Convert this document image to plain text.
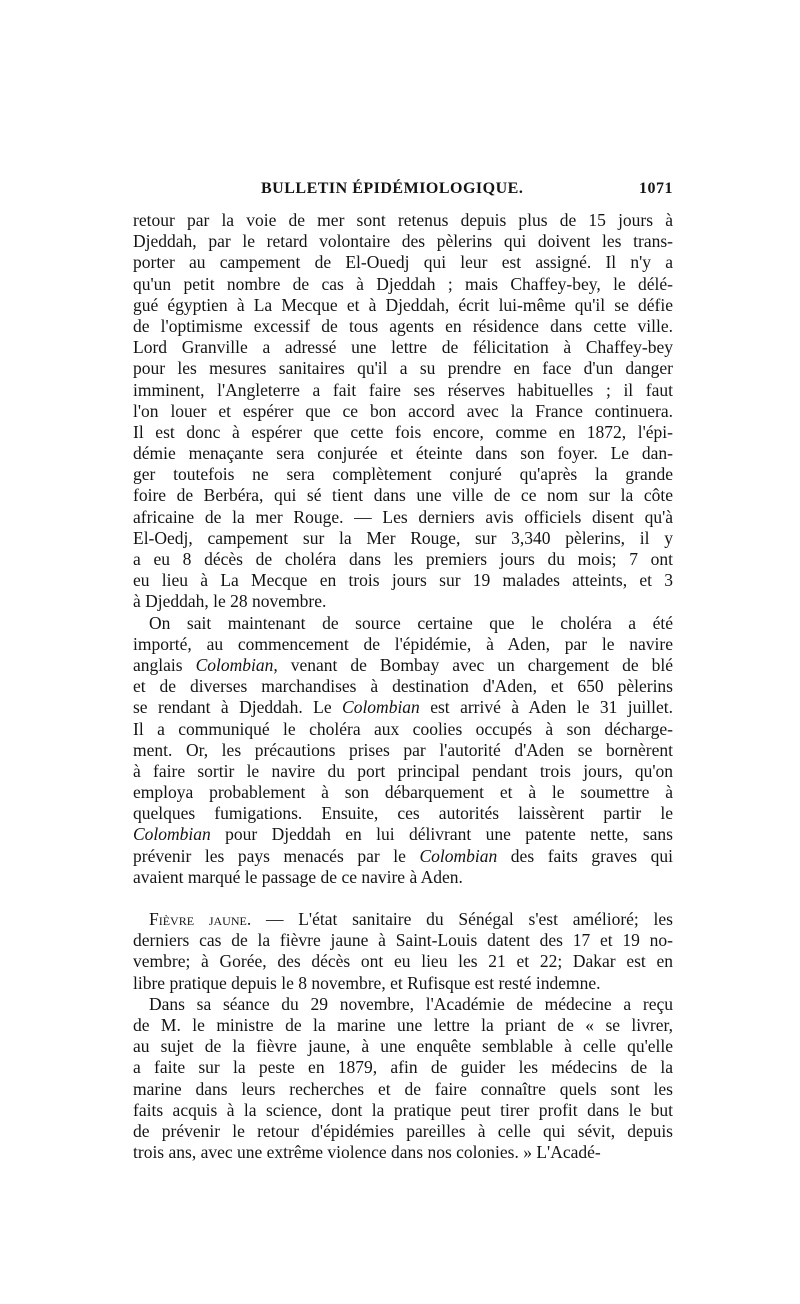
BULLETIN ÉPIDÉMIOLOGIQUE.	1071
retour par la voie de mer sont retenus depuis plus de 15 jours à
Djeddah, par le retard volontaire des pèlerins qui doivent les trans-
porter au campement de El-Ouedj qui leur est assigné. Il n'y a
qu'un petit nombre de cas à Djeddah ; mais Chaffey-bey, le délé-
gué égyptien à La Mecque et à Djeddah, écrit lui-même qu'il se défie
de l'optimisme excessif de tous agents en résidence dans cette ville.
Lord Granville a adressé une lettre de félicitation à Chaffey-bey
pour les mesures sanitaires qu'il a su prendre en face d'un danger
imminent, l'Angleterre a fait faire ses réserves habituelles ; il faut
l'on louer et espérer que ce bon accord avec la France continuera.
Il est donc à espérer que cette fois encore, comme en 1872, l'épi-
démie menaçante sera conjurée et éteinte dans son foyer. Le dan-
ger toutefois ne sera complètement conjuré qu'après la grande
foire de Berbéra, qui sé tient dans une ville de ce nom sur la côte
africaine de la mer Rouge. — Les derniers avis officiels disent qu'à
El-Oedj, campement sur la Mer Rouge, sur 3,340 pèlerins, il y
a eu 8 décès de choléra dans les premiers jours du mois; 7 ont
eu lieu à La Mecque en trois jours sur 19 malades atteints, et 3
à Djeddah, le 28 novembre.
On sait maintenant de source certaine que le choléra a été
importé, au commencement de l'épidémie, à Aden, par le navire
anglais Colombian, venant de Bombay avec un chargement de blé
et de diverses marchandises à destination d'Aden, et 650 pèlerins
se rendant à Djeddah. Le Colombian est arrivé à Aden le 31 juillet.
Il a communiqué le choléra aux coolies occupés à son décharge-
ment. Or, les précautions prises par l'autorité d'Aden se bornèrent
à faire sortir le navire du port principal pendant trois jours, qu'on
employa probablement à son débarquement et à le soumettre à
quelques fumigations. Ensuite, ces autorités laissèrent partir le
Colombian pour Djeddah en lui délivrant une patente nette, sans
prévenir les pays menacés par le Colombian des faits graves qui
avaient marqué le passage de ce navire à Aden.
Fièvre jaune. — L'état sanitaire du Sénégal s'est amélioré; les
derniers cas de la fièvre jaune à Saint-Louis datent des 17 et 19 no-
vembre; à Gorée, des décès ont eu lieu les 21 et 22; Dakar est en
libre pratique depuis le 8 novembre, et Rufisque est resté indemne.
Dans sa séance du 29 novembre, l'Académie de médecine a reçu
de M. le ministre de la marine une lettre la priant de « se livrer,
au sujet de la fièvre jaune, à une enquête semblable à celle qu'elle
a faite sur la peste en 1879, afin de guider les médecins de la
marine dans leurs recherches et de faire connaître quels sont les
faits acquis à la science, dont la pratique peut tirer profit dans le but
de prévenir le retour d'épidémies pareilles à celle qui sévit, depuis
trois ans, avec une extrême violence dans nos colonies. » L'Acadé-
